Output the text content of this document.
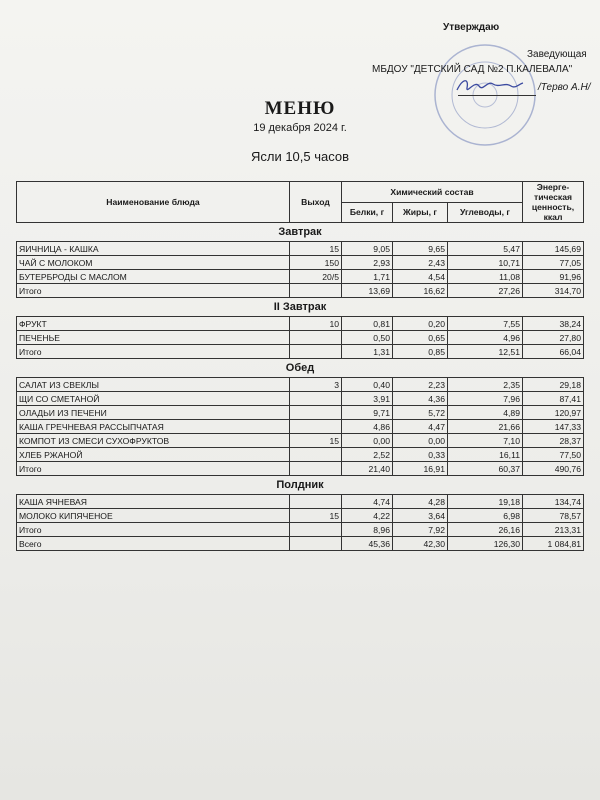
Утверждаю
Заведующая
МБДОУ "ДЕТСКИЙ САД №2 П.КАЛЕВАЛА"
/Терво А.Н/
МЕНЮ
19 декабря 2024 г.
Ясли 10,5 часов
Наименование блюда	Выход	Химический состав			Энерге-тическая ценность, ккал
		Белки, г	Жиры, г	Углеводы, г	
Завтрак					
ЯИЧНИЦА - КАШКА	15	9,05	9,65	5,47	145,69
ЧАЙ С МОЛОКОМ	150	2,93	2,43	10,71	77,05
БУТЕРБРОДЫ С МАСЛОМ	20/5	1,71	4,54	11,08	91,96
Итого		13,69	16,62	27,26	314,70
II Завтрак					
ФРУКТ	10	0,81	0,20	7,55	38,24
ПЕЧЕНЬЕ		0,50	0,65	4,96	27,80
Итого		1,31	0,85	12,51	66,04
Обед					
САЛАТ ИЗ СВЕКЛЫ	3	0,40	2,23	2,35	29,18
ЩИ СО СМЕТАНОЙ		3,91	4,36	7,96	87,41
ОЛАДЬИ ИЗ ПЕЧЕНИ		9,71	5,72	4,89	120,97
КАША ГРЕЧНЕВАЯ РАССЫПЧАТАЯ		4,86	4,47	21,66	147,33
КОМПОТ ИЗ СМЕСИ СУХОФРУКТОВ	15	0,00	0,00	7,10	28,37
ХЛЕБ РЖАНОЙ		2,52	0,33	16,11	77,50
Итого		21,40	16,91	60,37	490,76
Полдник					
КАША ЯЧНЕВАЯ		4,74	4,28	19,18	134,74
МОЛОКО КИПЯЧЕНОЕ	15	4,22	3,64	6,98	78,57
Итого		8,96	7,92	26,16	213,31
Всего		45,36	42,30	126,30	1 084,81
